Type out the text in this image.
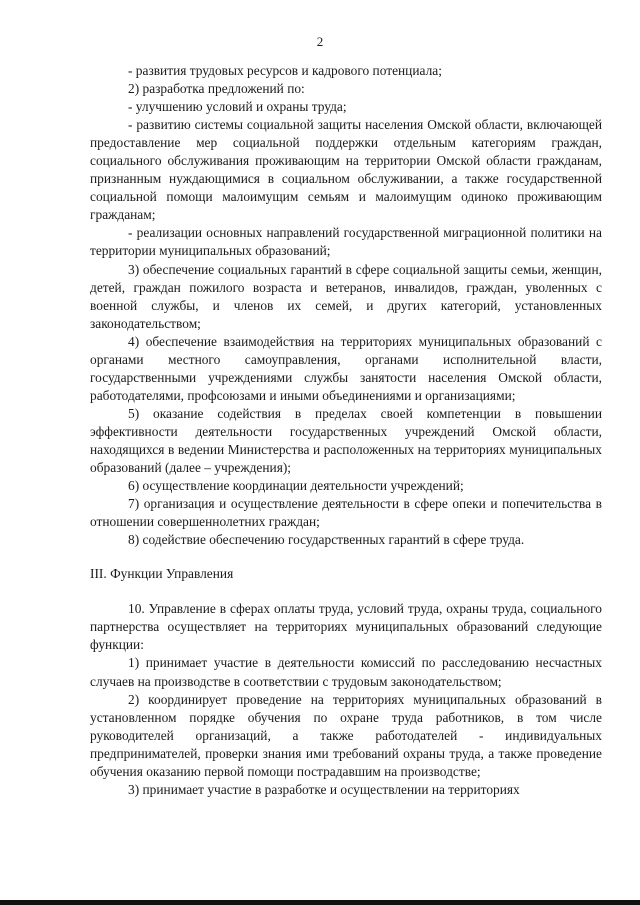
2

- развития трудовых ресурсов и кадрового потенциала;

2) разработка предложений по:

- улучшению условий и охраны труда;

- развитию системы социальной защиты населения Омской области, включающей предоставление мер социальной поддержки отдельным категориям граждан, социального обслуживания проживающим на территории Омской области гражданам, признанным нуждающимися в социальном обслуживании, а также государственной социальной помощи малоимущим семьям и малоимущим одиноко проживающим гражданам;

- реализации основных направлений государственной миграционной политики на территории муниципальных образований;

3) обеспечение социальных гарантий в сфере социальной защиты семьи, женщин, детей, граждан пожилого возраста и ветеранов, инвалидов, граждан, уволенных с военной службы, и членов их семей, и других категорий, установленных законодательством;

4) обеспечение взаимодействия на территориях муниципальных образований с органами местного самоуправления, органами исполнительной власти, государственными учреждениями службы занятости населения Омской области, работодателями, профсоюзами и иными объединениями и организациями;

5) оказание содействия в пределах своей компетенции в повышении эффективности деятельности государственных учреждений Омской области, находящихся в ведении Министерства и расположенных на территориях муниципальных образований (далее – учреждения);

6) осуществление координации деятельности учреждений;

7) организация и осуществление деятельности в сфере опеки и попечительства в отношении совершеннолетних граждан;

8) содействие обеспечению государственных гарантий в сфере труда.

III. Функции Управления

10. Управление в сферах оплаты труда, условий труда, охраны труда, социального партнерства осуществляет на территориях муниципальных образований следующие функции:

1) принимает участие в деятельности комиссий по расследованию несчастных случаев на производстве в соответствии с трудовым законодательством;

2) координирует проведение на территориях муниципальных образований в установленном порядке обучения по охране труда работников, в том числе руководителей организаций, а также работодателей - индивидуальных предпринимателей, проверки знания ими требований охраны труда, а также проведение обучения оказанию первой помощи пострадавшим на производстве;

3) принимает участие в разработке и осуществлении на территориях
